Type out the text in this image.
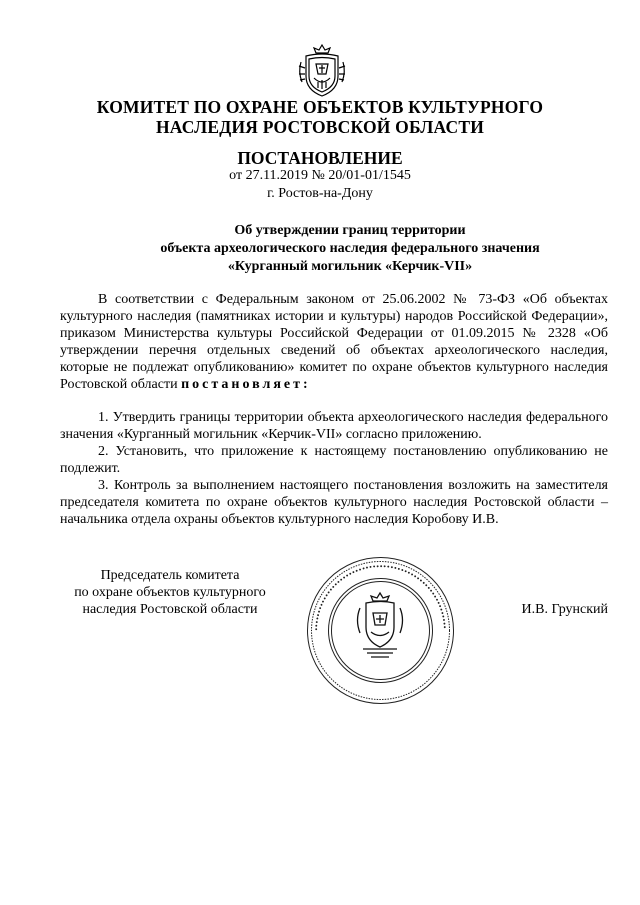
КОМИТЕТ ПО ОХРАНЕ ОБЪЕКТОВ КУЛЬТУРНОГО
НАСЛЕДИЯ РОСТОВСКОЙ ОБЛАСТИ
ПОСТАНОВЛЕНИЕ
от 27.11.2019 № 20/01-01/1545
г. Ростов-на-Дону
Об утверждении границ территории
объекта археологического наследия федерального значения
«Курганный могильник «Керчик-VII»
В соответствии с Федеральным законом от 25.06.2002 № 73-ФЗ «Об объектах культурного наследия (памятниках истории и культуры) народов Российской Федерации», приказом Министерства культуры Российской Федерации от 01.09.2015 № 2328 «Об утверждении перечня отдельных сведений об объектах археологического наследия, которые не подлежат опубликованию» комитет по охране объектов культурного наследия Ростовской области постановляет:
1. Утвердить границы территории объекта археологического наследия федерального значения «Курганный могильник «Керчик-VII» согласно приложению.
2. Установить, что приложение к настоящему постановлению опубликованию не подлежит.
3. Контроль за выполнением настоящего постановления возложить на заместителя председателя комитета по охране объектов культурного наследия Ростовской области – начальника отдела охраны объектов культурного наследия Коробову И.В.
••••••••••••••••••••••••••••••••••••••••••••••••••••••••
Председатель комитета
по охране объектов культурного
наследия Ростовской области	И.В. Грунский
